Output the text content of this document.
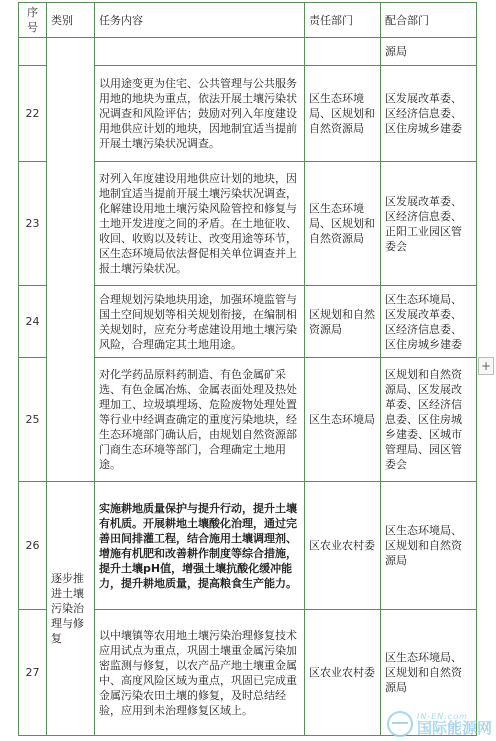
序号	类别	任务内容	责任部门	配合部门
				源局
22		以用途变更为住宅、公共管理与公共服务用地的地块为重点，依法开展土壤污染状况调查和风险评估；鼓励对列入年度建设用地供应计划的地块，因地制宜适当提前开展土壤污染状况调查。	区生态环境局、区规划和自然资源局	区发展改革委、区经济信息委、区住房城乡建委
23		对列入年度建设用地供应计划的地块，因地制宜适当提前开展土壤污染状况调查，化解建设用地土壤污染风险管控和修复与土地开发进度之间的矛盾。在土地征收、收回、收购以及转让、改变用途等环节，区生态环境局依法督促相关单位调查并上报土壤污染状况。	区生态环境局、区规划和自然资源局	区发展改革委、区经济信息委、正阳工业园区管委会
24		合理规划污染地块用途，加强环境监管与国土空间规划等相关规划衔接，在编制相关规划时，应充分考虑建设用地土壤污染风险，合理确定其土地用途。	区规划和自然资源局	区生态环境局、区发展改革委、区经济信息委、区住房城乡建委
25		对化学药品原料药制造、有色金属矿采选、有色金属冶炼、金属表面处理及热处理加工、垃圾填埋场、危险废物处理处置等行业中经调查确定的重度污染地块，经生态环境部门确认后，由规划自然资源部门商生态环境等部门，合理确定土地用途。	区生态环境局	区规划和自然资源局、区发展改革委、区经济信息委、区住房城乡建委、区城市管理局、园区管委会
26	逐步推进土壤污染治理与修复	实施耕地质量保护与提升行动，提升土壤有机质。开展耕地土壤酸化治理，通过完善田间排灌工程，结合施用土壤调理剂、增施有机肥和改善耕作制度等综合措施，提升土壤pH值，增强土壤抗酸化缓冲能力，提升耕地质量，提高粮食生产能力。	区农业农村委	区生态环境局、区规划和自然资源局
27		以中壤镇等农用地土壤污染治理修复技术应用试点为重点，巩固土壤重金属污染加密监测与修复，以农产品产地土壤重金属中、高度风险区域为重点，巩固已完成重金属污染农田土壤的修复，及时总结经验，应用到未治理修复区域上。	区农业农村委	区生态环境局、区规划和自然资源局
+
IN-EN.com
国际能源网
